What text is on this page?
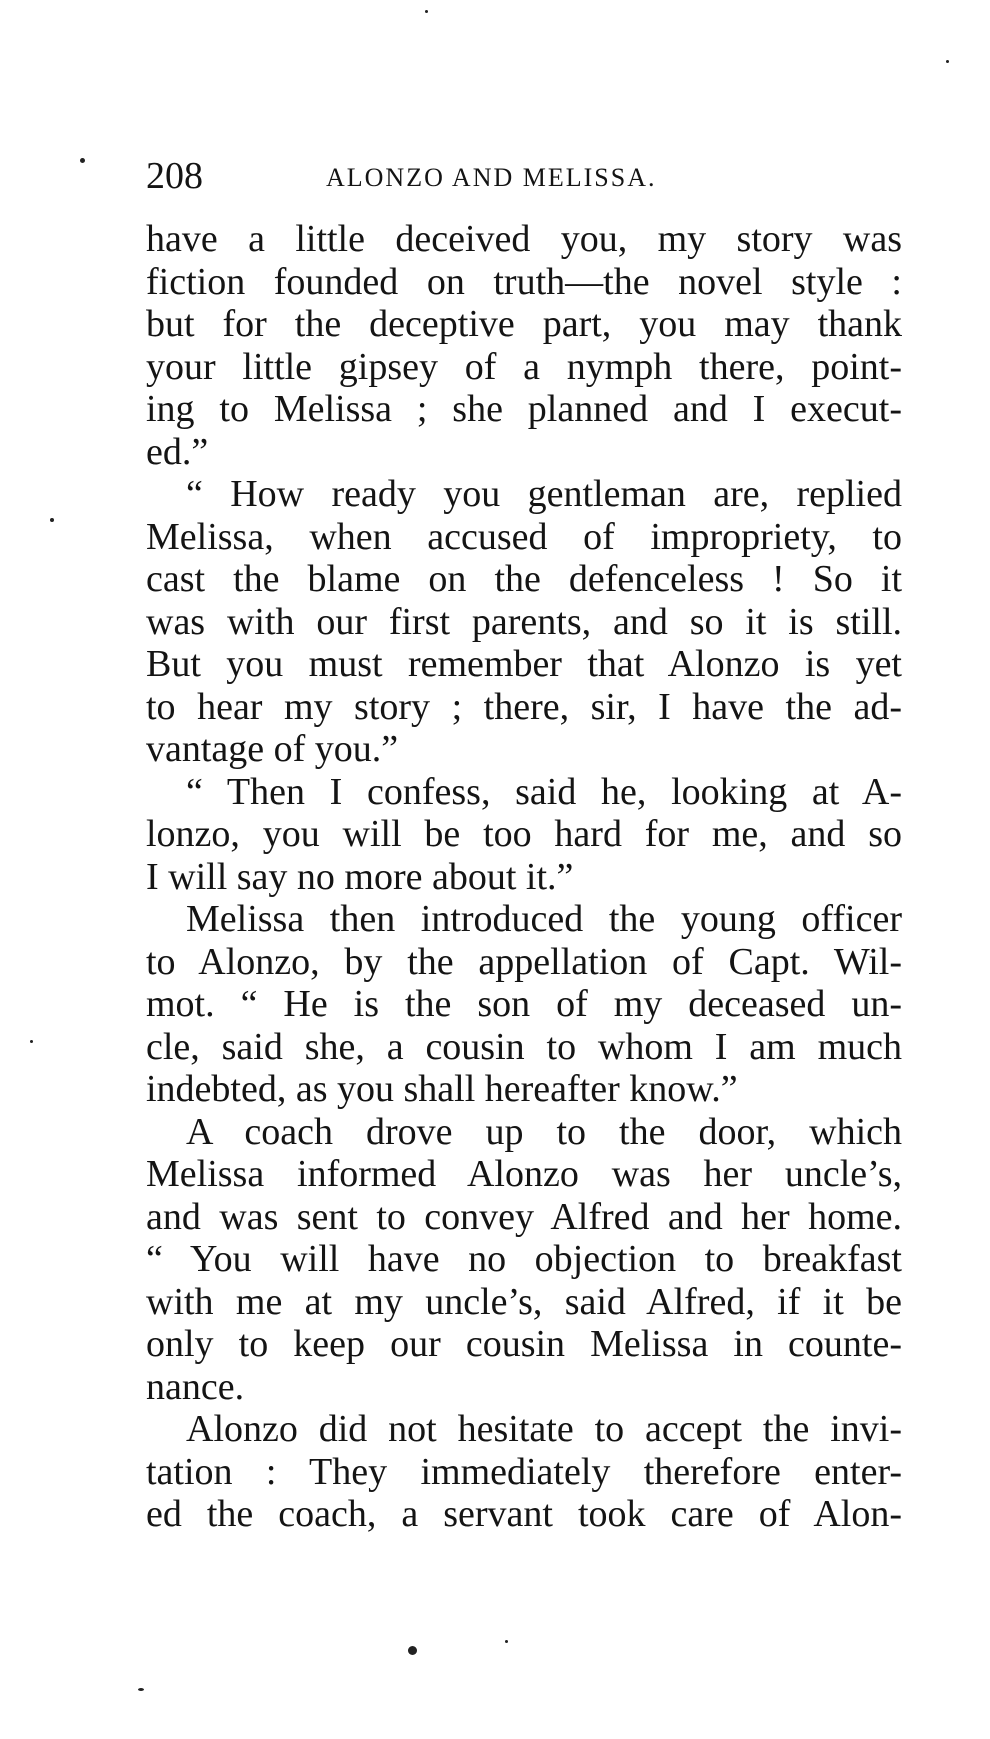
208	ALONZO AND MELISSA.
have a little deceived you, my story was
fiction founded on truth—the novel style :
but for the deceptive part, you may thank
your little gipsey of a nymph there, point-
ing to Melissa ; she planned and I execut-
ed.”
“ How ready you gentleman are, replied
Melissa, when accused of impropriety, to
cast the blame on the defenceless ! So it
was with our first parents, and so it is still.
But you must remember that Alonzo is yet
to hear my story ; there, sir, I have the ad-
vantage of you.”
“ Then I confess, said he, looking at A-
lonzo, you will be too hard for me, and so
I will say no more about it.”
Melissa then introduced the young officer
to Alonzo, by the appellation of Capt. Wil-
mot. “ He is the son of my deceased un-
cle, said she, a cousin to whom I am much
indebted, as you shall hereafter know.”
A coach drove up to the door, which
Melissa informed Alonzo was her uncle’s,
and was sent to convey Alfred and her home.
“ You will have no objection to breakfast
with me at my uncle’s, said Alfred, if it be
only to keep our cousin Melissa in counte-
nance.
Alonzo did not hesitate to accept the invi-
tation : They immediately therefore enter-
ed the coach, a servant took care of Alon-
